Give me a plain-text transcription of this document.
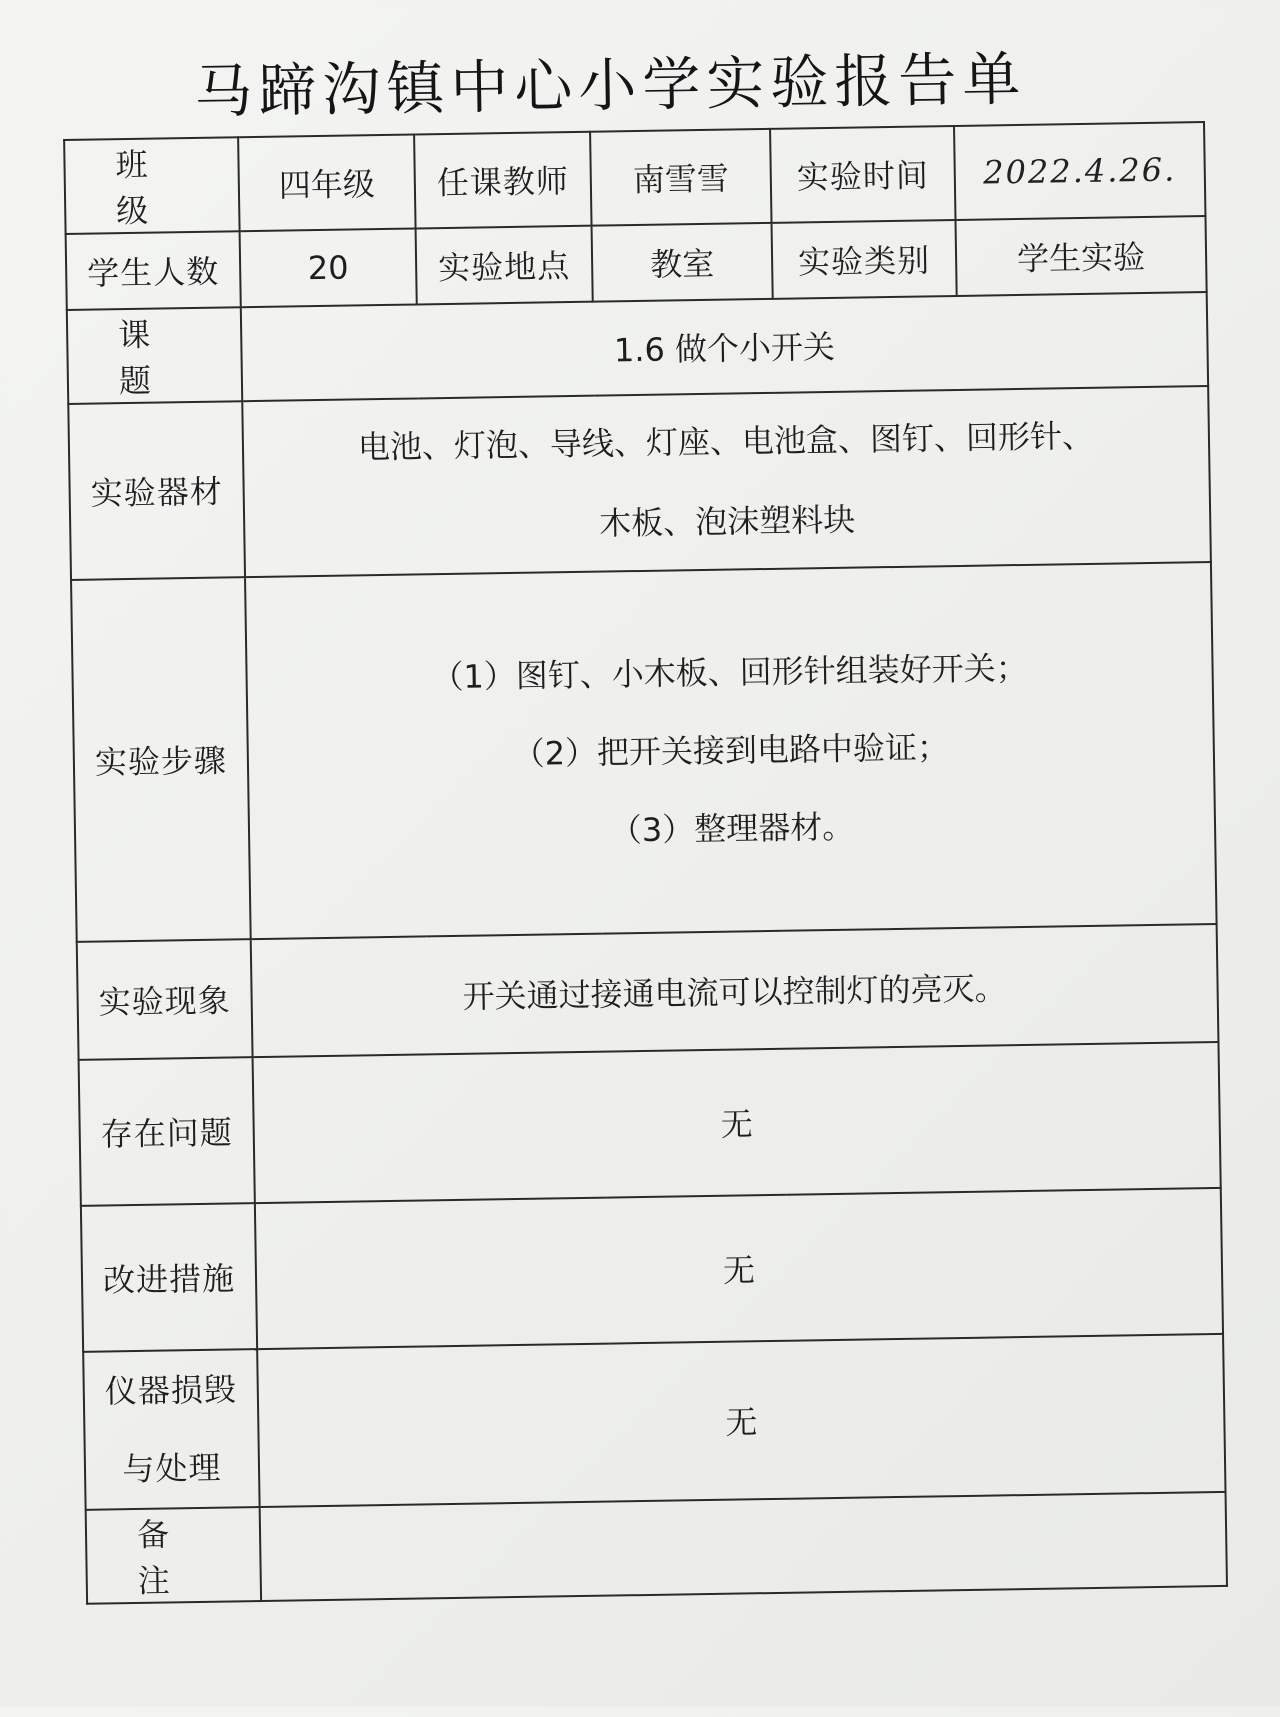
马蹄沟镇中心小学实验报告单
班 级	四年级	任课教师	南雪雪	实验时间	2022.4.26.
学生人数	20	实验地点	教室	实验类别	学生实验
课 题	1.6 做个小开关				
实验器材	电池、灯泡、导线、灯座、电池盒、图钉、回形针、
木板、泡沫塑料块				

实验步骤	（1）图钉、小木板、回形针组装好开关；
（2）把开关接到电路中验证；
（3）整理器材。				

实验现象	开关通过接通电流可以控制灯的亮灭。				
存在问题	无				
改进措施	无				

仪器损毁
与处理	无				
备 注					
